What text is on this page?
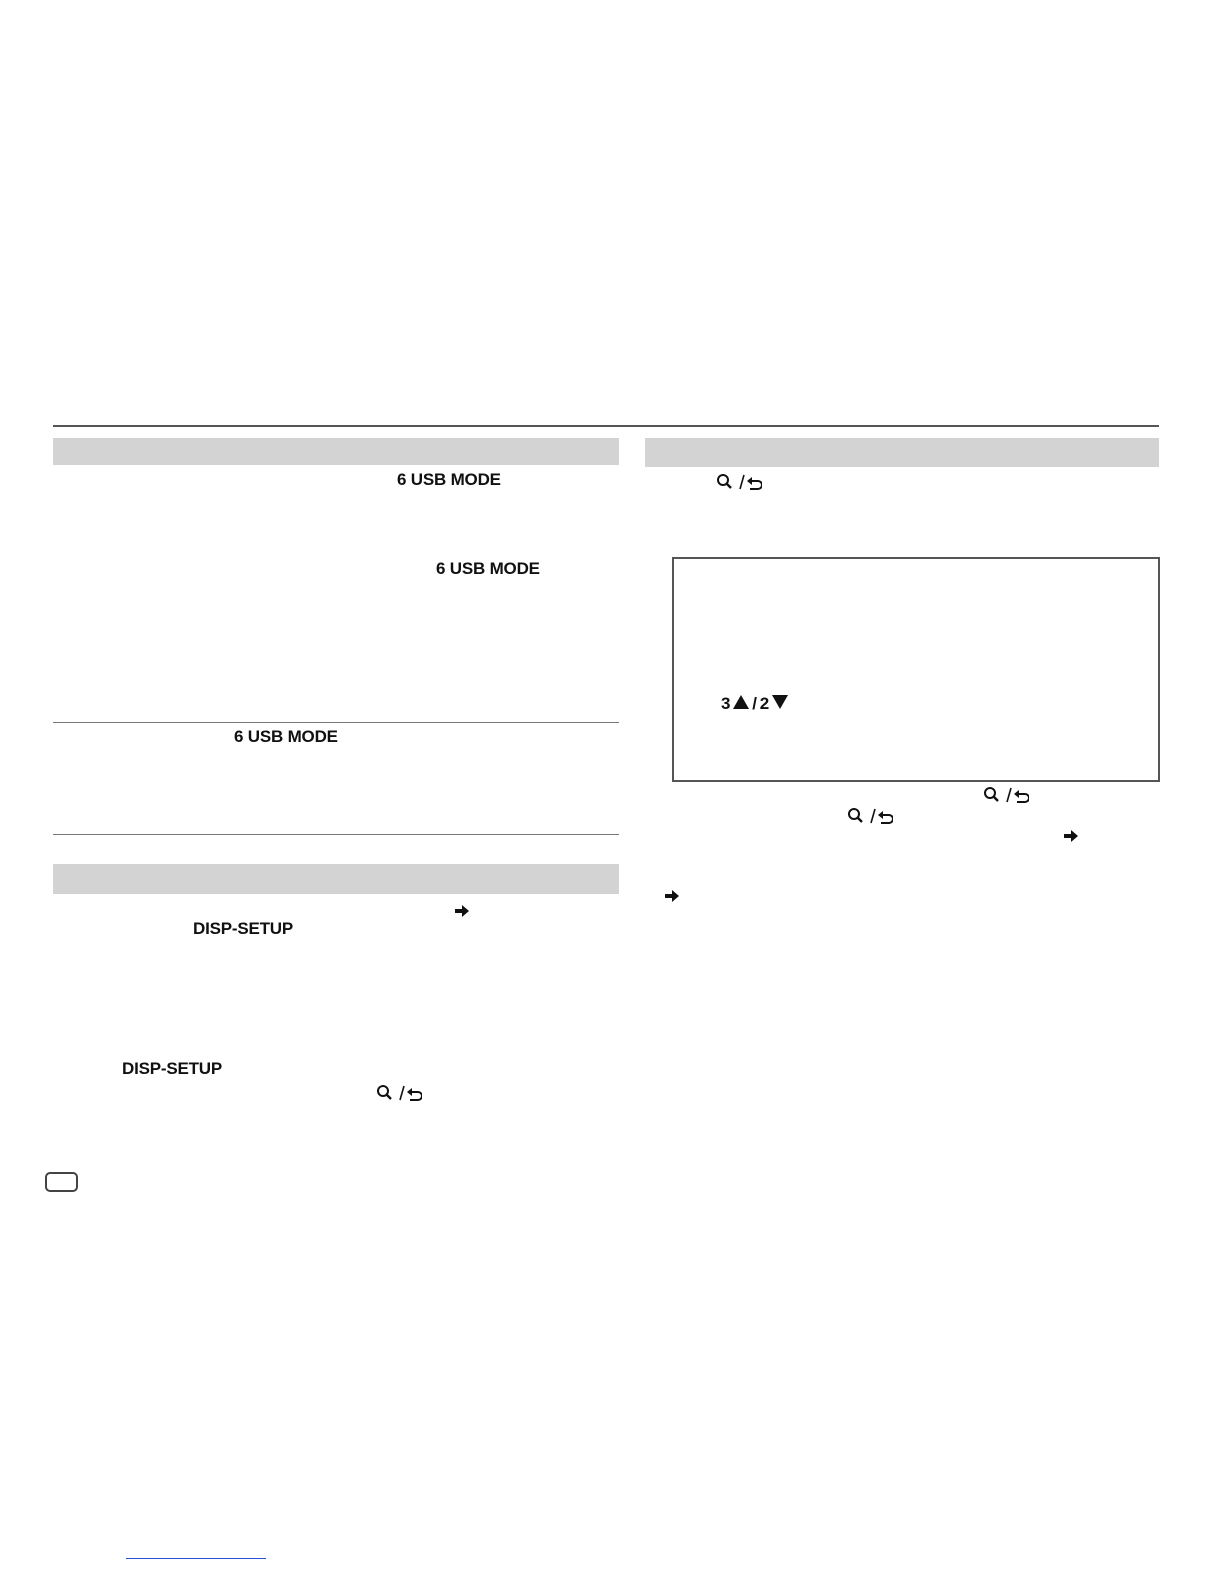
6 USB MODE
6 USB MODE
6 USB MODE
DISP-SETUP
DISP-SETUP
3 / 2
